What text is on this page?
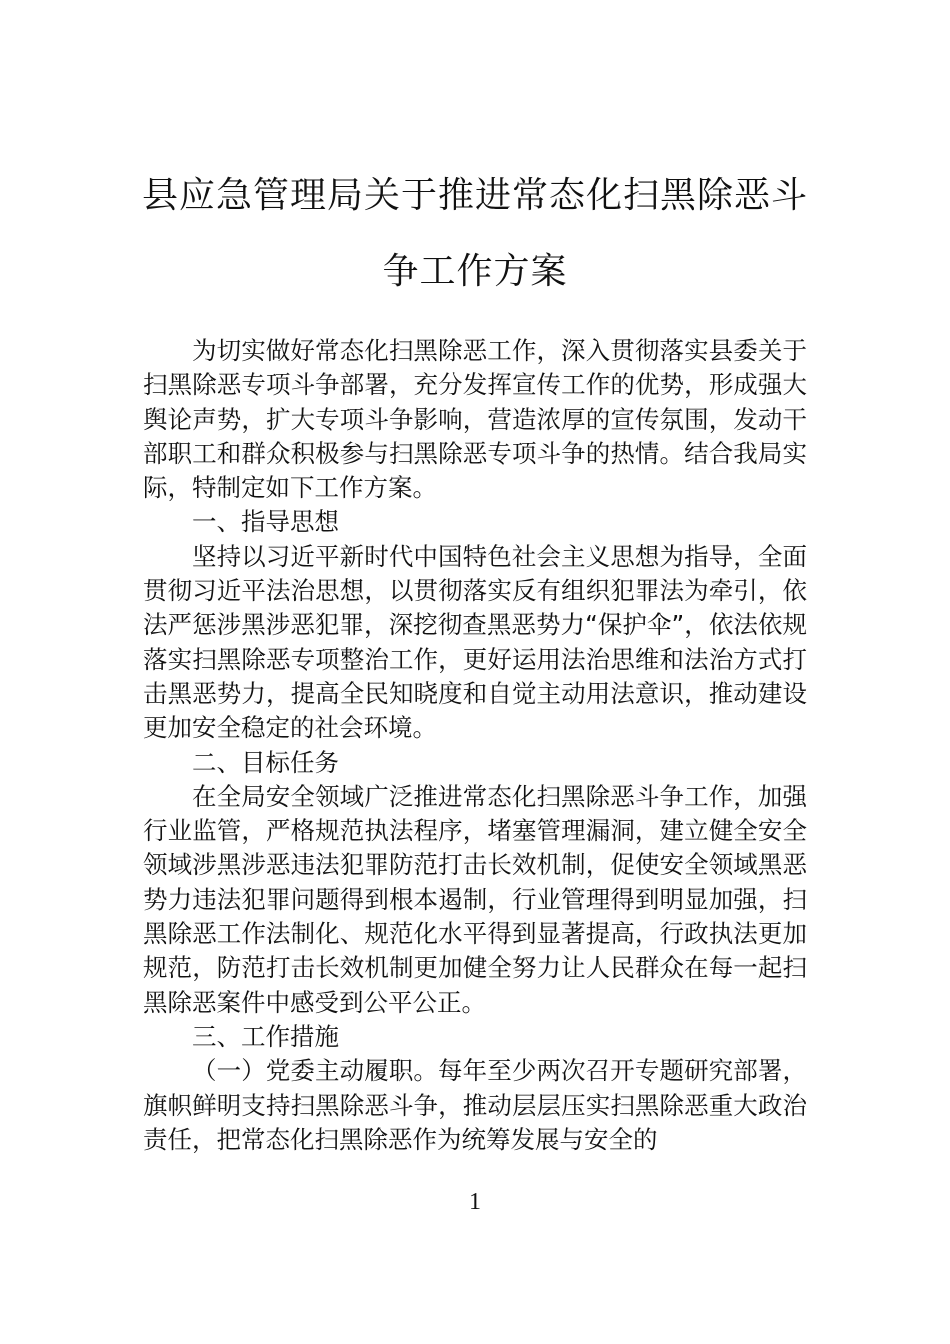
县应急管理局关于推进常态化扫黑除恶斗
争工作方案

为切实做好常态化扫黑除恶工作，深入贯彻落实县委关于扫黑除恶专项斗争部署，充分发挥宣传工作的优势，形成强大舆论声势，扩大专项斗争影响，营造浓厚的宣传氛围，发动干部职工和群众积极参与扫黑除恶专项斗争的热情。结合我局实际，特制定如下工作方案。

一、指导思想

坚持以习近平新时代中国特色社会主义思想为指导，全面贯彻习近平法治思想，以贯彻落实反有组织犯罪法为牵引，依法严惩涉黑涉恶犯罪，深挖彻查黑恶势力“保护伞”，依法依规落实扫黑除恶专项整治工作，更好运用法治思维和法治方式打击黑恶势力，提高全民知晓度和自觉主动用法意识，推动建设更加安全稳定的社会环境。

二、目标任务

在全局安全领域广泛推进常态化扫黑除恶斗争工作，加强行业监管，严格规范执法程序，堵塞管理漏洞，建立健全安全领域涉黑涉恶违法犯罪防范打击长效机制，促使安全领域黑恶势力违法犯罪问题得到根本遏制，行业管理得到明显加强，扫黑除恶工作法制化、规范化水平得到显著提高，行政执法更加规范，防范打击长效机制更加健全努力让人民群众在每一起扫黑除恶案件中感受到公平公正。

三、工作措施

（一）党委主动履职。每年至少两次召开专题研究部署，旗帜鲜明支持扫黑除恶斗争，推动层层压实扫黑除恶重大政治责任，把常态化扫黑除恶作为统筹发展与安全的

1
